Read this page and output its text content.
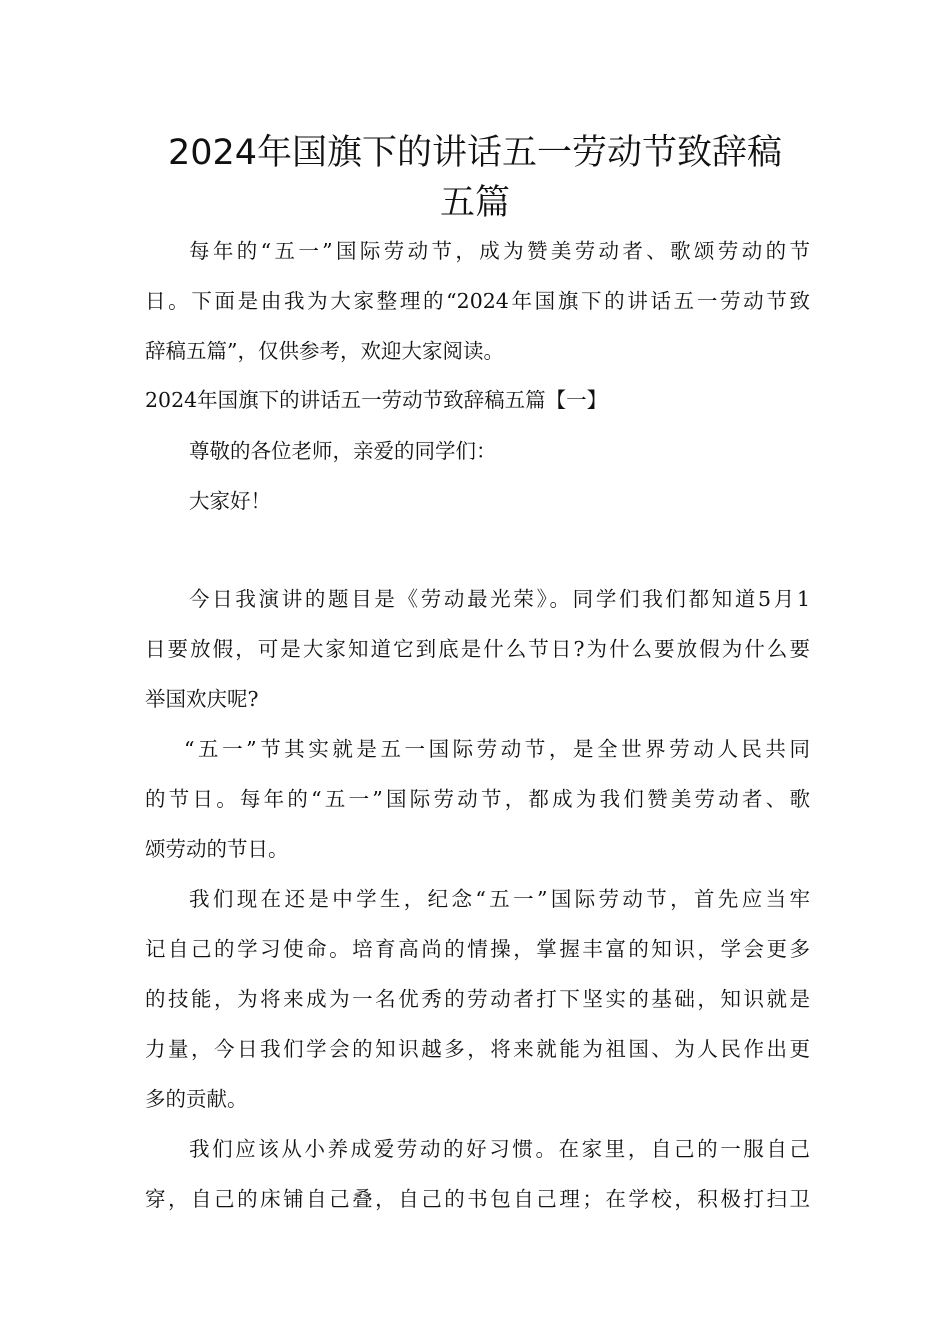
2024年国旗下的讲话五一劳动节致辞稿
五篇
每年的“五一”国际劳动节，成为赞美劳动者、歌颂劳动的节
日。下面是由我为大家整理的“2024年国旗下的讲话五一劳动节致
辞稿五篇”，仅供参考，欢迎大家阅读。
2024年国旗下的讲话五一劳动节致辞稿五篇【一】
尊敬的各位老师，亲爱的同学们：
大家好！
今日我演讲的题目是《劳动最光荣》。同学们我们都知道5月1
日要放假，可是大家知道它到底是什么节日?为什么要放假为什么要
举国欢庆呢?
“五一”节其实就是五一国际劳动节，是全世界劳动人民共同
的节日。每年的“五一”国际劳动节，都成为我们赞美劳动者、歌
颂劳动的节日。
我们现在还是中学生，纪念“五一”国际劳动节，首先应当牢
记自己的学习使命。培育高尚的情操，掌握丰富的知识，学会更多
的技能，为将来成为一名优秀的劳动者打下坚实的基础，知识就是
力量，今日我们学会的知识越多，将来就能为祖国、为人民作出更
多的贡献。
我们应该从小养成爱劳动的好习惯。在家里，自己的一服自己
穿，自己的床铺自己叠，自己的书包自己理；在学校，积极打扫卫
